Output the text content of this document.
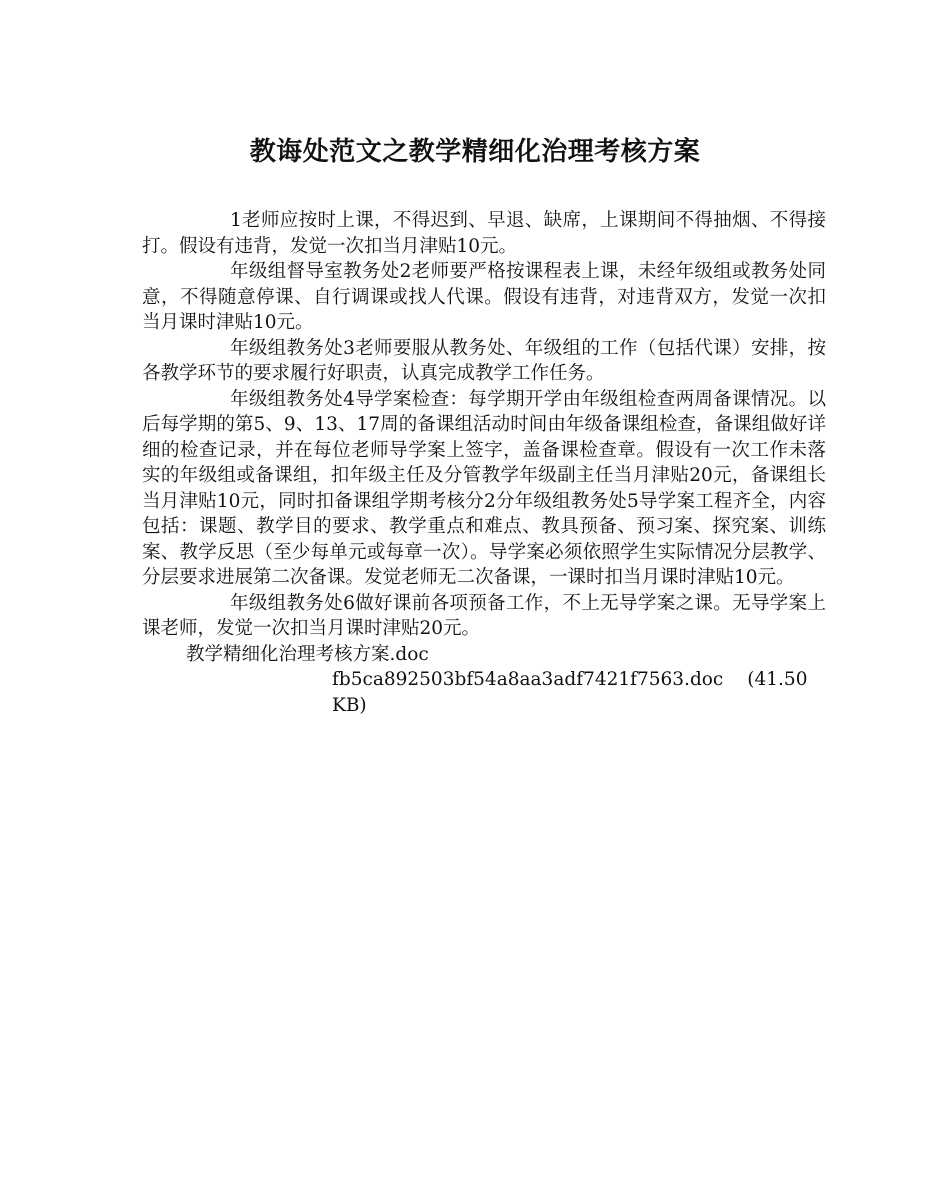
教诲处范文之教学精细化治理考核方案

1老师应按时上课，不得迟到、早退、缺席，上课期间不得抽烟、不得接打。假设有违背，发觉一次扣当月津贴10元。

年级组督导室教务处2老师要严格按课程表上课，未经年级组或教务处同意，不得随意停课、自行调课或找人代课。假设有违背，对违背双方，发觉一次扣当月课时津贴10元。

年级组教务处3老师要服从教务处、年级组的工作（包括代课）安排，按各教学环节的要求履行好职责，认真完成教学工作任务。

年级组教务处4导学案检查：每学期开学由年级组检查两周备课情况。以后每学期的第5、9、13、17周的备课组活动时间由年级备课组检查，备课组做好详细的检查记录，并在每位老师导学案上签字，盖备课检查章。假设有一次工作未落实的年级组或备课组，扣年级主任及分管教学年级副主任当月津贴20元，备课组长当月津贴10元，同时扣备课组学期考核分2分年级组教务处5导学案工程齐全，内容包括：课题、教学目的要求、教学重点和难点、教具预备、预习案、探究案、训练案、教学反思（至少每单元或每章一次）。导学案必须依照学生实际情况分层教学、分层要求进展第二次备课。发觉老师无二次备课，一课时扣当月课时津贴10元。

年级组教务处6做好课前各项预备工作，不上无导学案之课。无导学案上课老师，发觉一次扣当月课时津贴20元。

教学精细化治理考核方案.doc

fb5ca892503bf54a8aa3adf7421f7563.doc (41.50 KB)
